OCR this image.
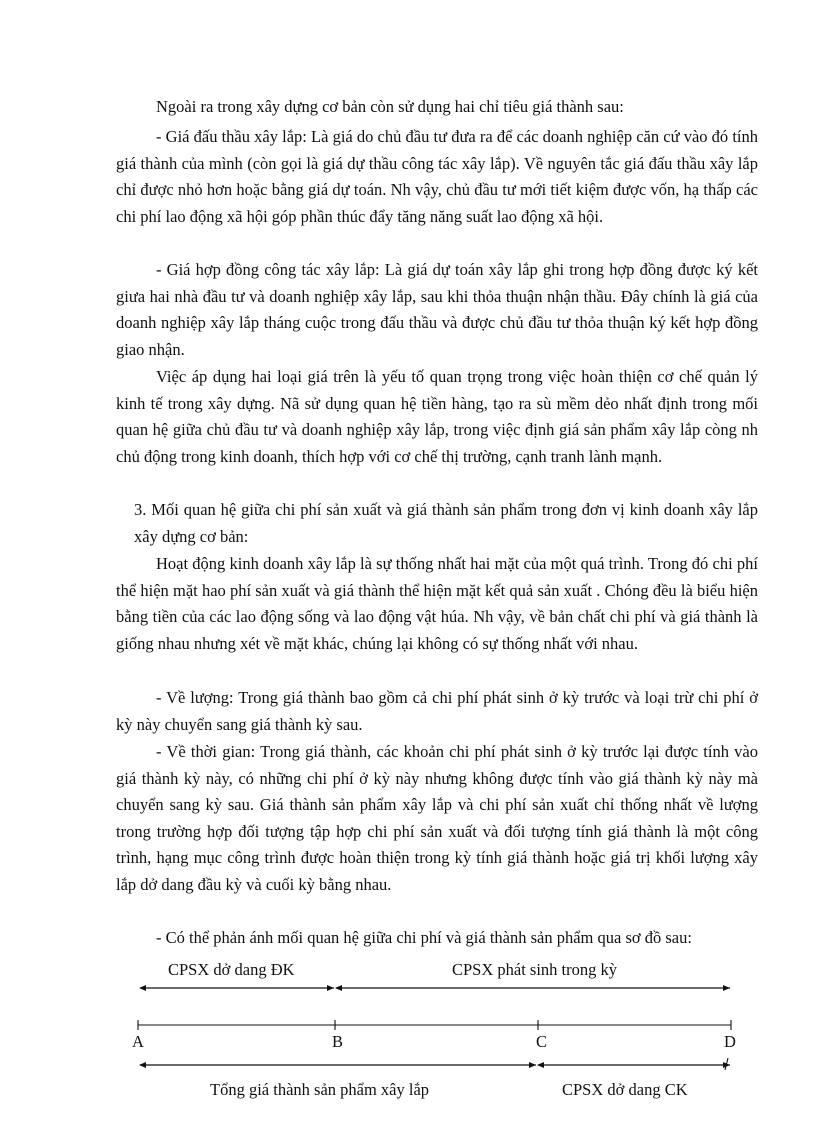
Ngoài ra trong xây dựng cơ bản còn sử dụng hai chỉ tiêu giá thành sau:

- Giá đấu thầu xây lắp: Là giá do chủ đầu tư đưa ra để các doanh nghiệp căn cứ vào đó tính giá thành của mình (còn gọi là giá dự thầu công tác xây lắp). Về nguyên tắc giá đấu thầu xây lắp chỉ được nhỏ hơn hoặc bằng giá dự toán. Nh vậy, chủ đầu tư mới tiết kiệm được vốn, hạ thấp các chi phí lao động xã hội góp phần thúc đẩy tăng năng suất lao động xã hội.

- Giá hợp đồng công tác xây lắp: Là giá dự toán xây lắp ghi trong hợp đồng được ký kết giưa hai nhà đầu tư và doanh nghiệp xây lắp, sau khi thỏa thuận nhận thầu. Đây chính là giá của doanh nghiệp xây lắp tháng cuộc trong đấu thầu và được chủ đầu tư thỏa thuận ký kết hợp đồng giao nhận.

Việc áp dụng hai loại giá trên là yếu tố quan trọng trong việc hoàn thiện cơ chế quản lý kinh tế trong xây dựng. Nã sử dụng quan hệ tiền hàng, tạo ra sù mềm dẻo nhất định trong mối quan hệ giữa chủ đầu tư và doanh nghiệp xây lắp, trong việc định giá sản phẩm xây lắp còng nh chủ động trong kinh doanh, thích hợp với cơ chế thị trường, cạnh tranh lành mạnh.

3. Mối quan hệ giữa chi phí sản xuất và giá thành sản phẩm trong đơn vị kinh doanh xây lắp xây dựng cơ bản:

Hoạt động kinh doanh xây lắp là sự thống nhất hai mặt của một quá trình. Trong đó chi phí thể hiện mặt hao phí sản xuất và giá thành thể hiện mặt kết quả sản xuất . Chóng đều là biểu hiện bằng tiền của các lao động sống và lao động vật húa. Nh vậy, về bản chất chi phí và giá thành là giống nhau nhưng xét về mặt khác, chúng lại không có sự thống nhất với nhau.

- Về lượng: Trong giá thành bao gồm cả chi phí phát sinh ở kỳ trước và loại trừ chi phí ở kỳ này chuyển sang giá thành kỳ sau.

- Về thời gian: Trong giá thành, các khoản chi phí phát sinh ở kỳ trước lại được tính vào giá thành kỳ này, có những chi phí ở kỳ này nhưng không được tính vào giá thành kỳ này mà chuyển sang kỳ sau. Giá thành sản phẩm xây lắp và chi phí sản xuất chỉ thống nhất về lượng trong trường hợp đối tượng tập hợp chi phí sản xuất và đối tượng tính giá thành là một công trình, hạng mục công trình được hoàn thiện trong kỳ tính giá thành hoặc giá trị khối lượng xây lắp dở dang đầu kỳ và cuối kỳ bằng nhau.

- Có thể phản ánh mối quan hệ giữa chi phí và giá thành sản phẩm qua sơ đồ sau:

CPSX dở dang ĐK	CPSX phát sinh trong kỳ
A	B	C	D
Tổng giá thành sản phẩm xây lắp	CPSX dở dang CK
